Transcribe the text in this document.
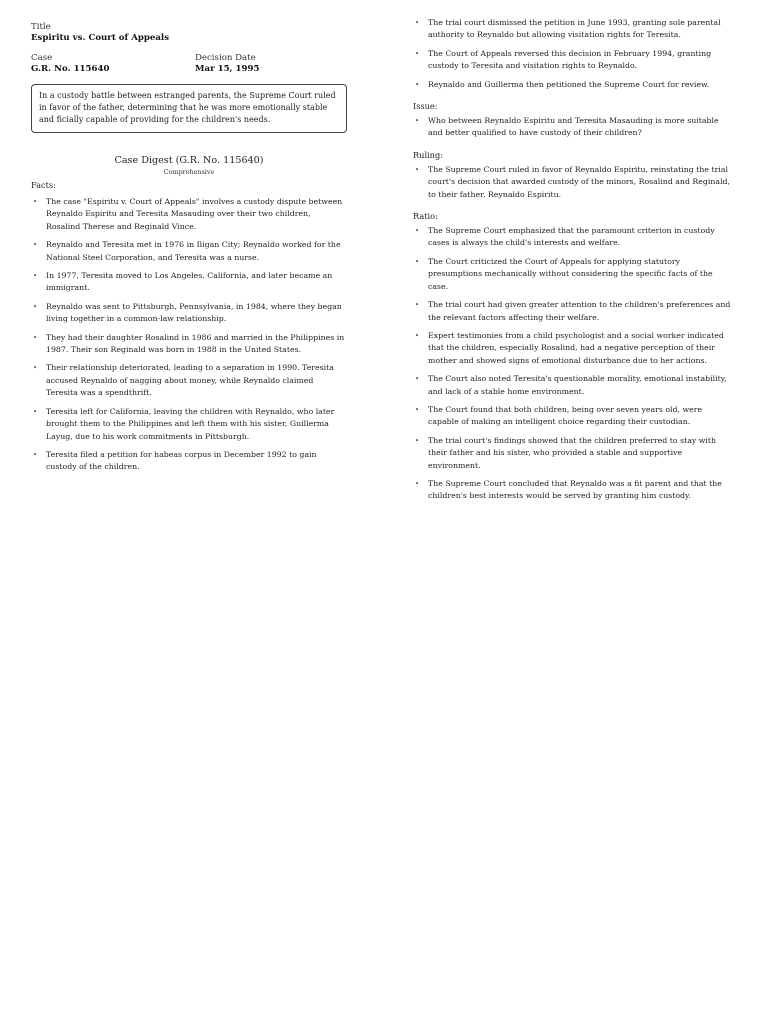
Title
Espiritu vs. Court of Appeals
Case
G.R. No. 115640
Decision Date
Mar 15, 1995
In a custody battle between estranged parents, the Supreme Court ruled in favor of the father, determining that he was more emotionally stable and ficially capable of providing for the children's needs.
Case Digest (G.R. No. 115640)
Comprehensive
Facts:
• The case "Espiritu v. Court of Appeals" involves a custody dispute between Reynaldo Espiritu and Teresita Masauding over their two children, Rosalind Therese and Reginald Vince.
• Reynaldo and Teresita met in 1976 in Iligan City; Reynaldo worked for the National Steel Corporation, and Teresita was a nurse.
• In 1977, Teresita moved to Los Angeles, California, and later became an immigrant.
• Reynaldo was sent to Pittsburgh, Pennsylvania, in 1984, where they began living together in a common-law relationship.
• They had their daughter Rosalind in 1986 and married in the Philippines in 1987. Their son Reginald was born in 1988 in the United States.
• Their relationship deteriorated, leading to a separation in 1990. Teresita accused Reynaldo of nagging about money, while Reynaldo claimed Teresita was a spendthrift.
• Teresita left for California, leaving the children with Reynaldo, who later brought them to the Philippines and left them with his sister, Guillerma Layug, due to his work commitments in Pittsburgh.
• Teresita filed a petition for habeas corpus in December 1992 to gain custody of the children.
• The trial court dismissed the petition in June 1993, granting sole parental authority to Reynaldo but allowing visitation rights for Teresita.
• The Court of Appeals reversed this decision in February 1994, granting custody to Teresita and visitation rights to Reynaldo.
• Reynaldo and Guillerma then petitioned the Supreme Court for review.
Issue:
• Who between Reynaldo Espiritu and Teresita Masauding is more suitable and better qualified to have custody of their children?
Ruling:
• The Supreme Court ruled in favor of Reynaldo Espiritu, reinstating the trial court's decision that awarded custody of the minors, Rosalind and Reginald, to their father, Reynaldo Espiritu.
Ratio:
• The Supreme Court emphasized that the paramount criterion in custody cases is always the child's interests and welfare.
• The Court criticized the Court of Appeals for applying statutory presumptions mechanically without considering the specific facts of the case.
• The trial court had given greater attention to the children's preferences and the relevant factors affecting their welfare.
• Expert testimonies from a child psychologist and a social worker indicated that the children, especially Rosalind, had a negative perception of their mother and showed signs of emotional disturbance due to her actions.
• The Court also noted Teresita's questionable morality, emotional instability, and lack of a stable home environment.
• The Court found that both children, being over seven years old, were capable of making an intelligent choice regarding their custodian.
• The trial court's findings showed that the children preferred to stay with their father and his sister, who provided a stable and supportive environment.
• The Supreme Court concluded that Reynaldo was a fit parent and that the children's best interests would be served by granting him custody.
